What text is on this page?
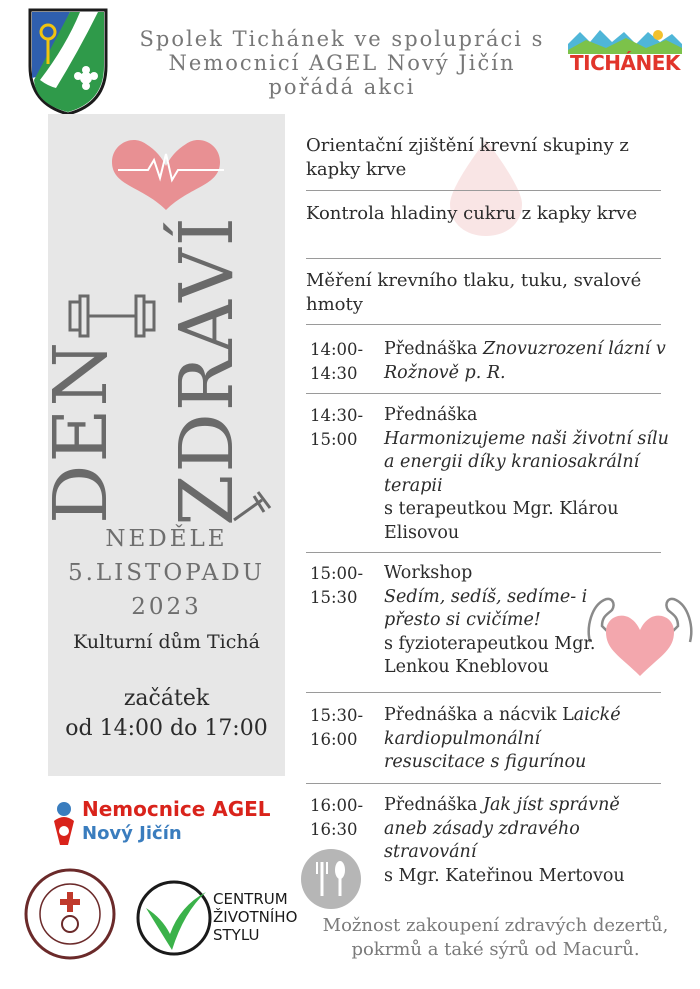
Spolek Tichánek ve spolupráci s
Nemocnicí AGEL Nový Jičín
pořádá akci
TICHÁNEK
DEN ZDRAVÍ
NEDĚLE
5.LISTOPADU
2023
Kulturní dům Tichá
začátek
od 14:00 do 17:00
Orientační zjištění krevní skupiny z kapky krve
Kontrola hladiny cukru z kapky krve
Měření krevního tlaku, tuku, svalové hmoty
14:00-
14:30
Přednáška Znovuzrození lázní v Rožnově p. R.
14:30-
15:00
Přednáška
Harmonizujeme naši životní sílu a energii díky kraniosakrální terapii
s terapeutkou Mgr. Klárou Elisovou
15:00-
15:30
Workshop
Sedím, sedíš, sedíme- i přesto si cvičíme!
s fyzioterapeutkou Mgr. Lenkou Kneblovou
15:30-
16:00
Přednáška a nácvik Laické kardiopulmonální resuscitace s figurínou
16:00-
16:30
Přednáška Jak jíst správně aneb zásady zdravého stravování
s Mgr. Kateřinou Mertovou
Možnost zakoupení zdravých dezertů, pokrmů a také sýrů od Macurů.
Nemocnice AGEL
Nový Jičín
CENTRUM
ŽIVOTNÍHO
STYLU
